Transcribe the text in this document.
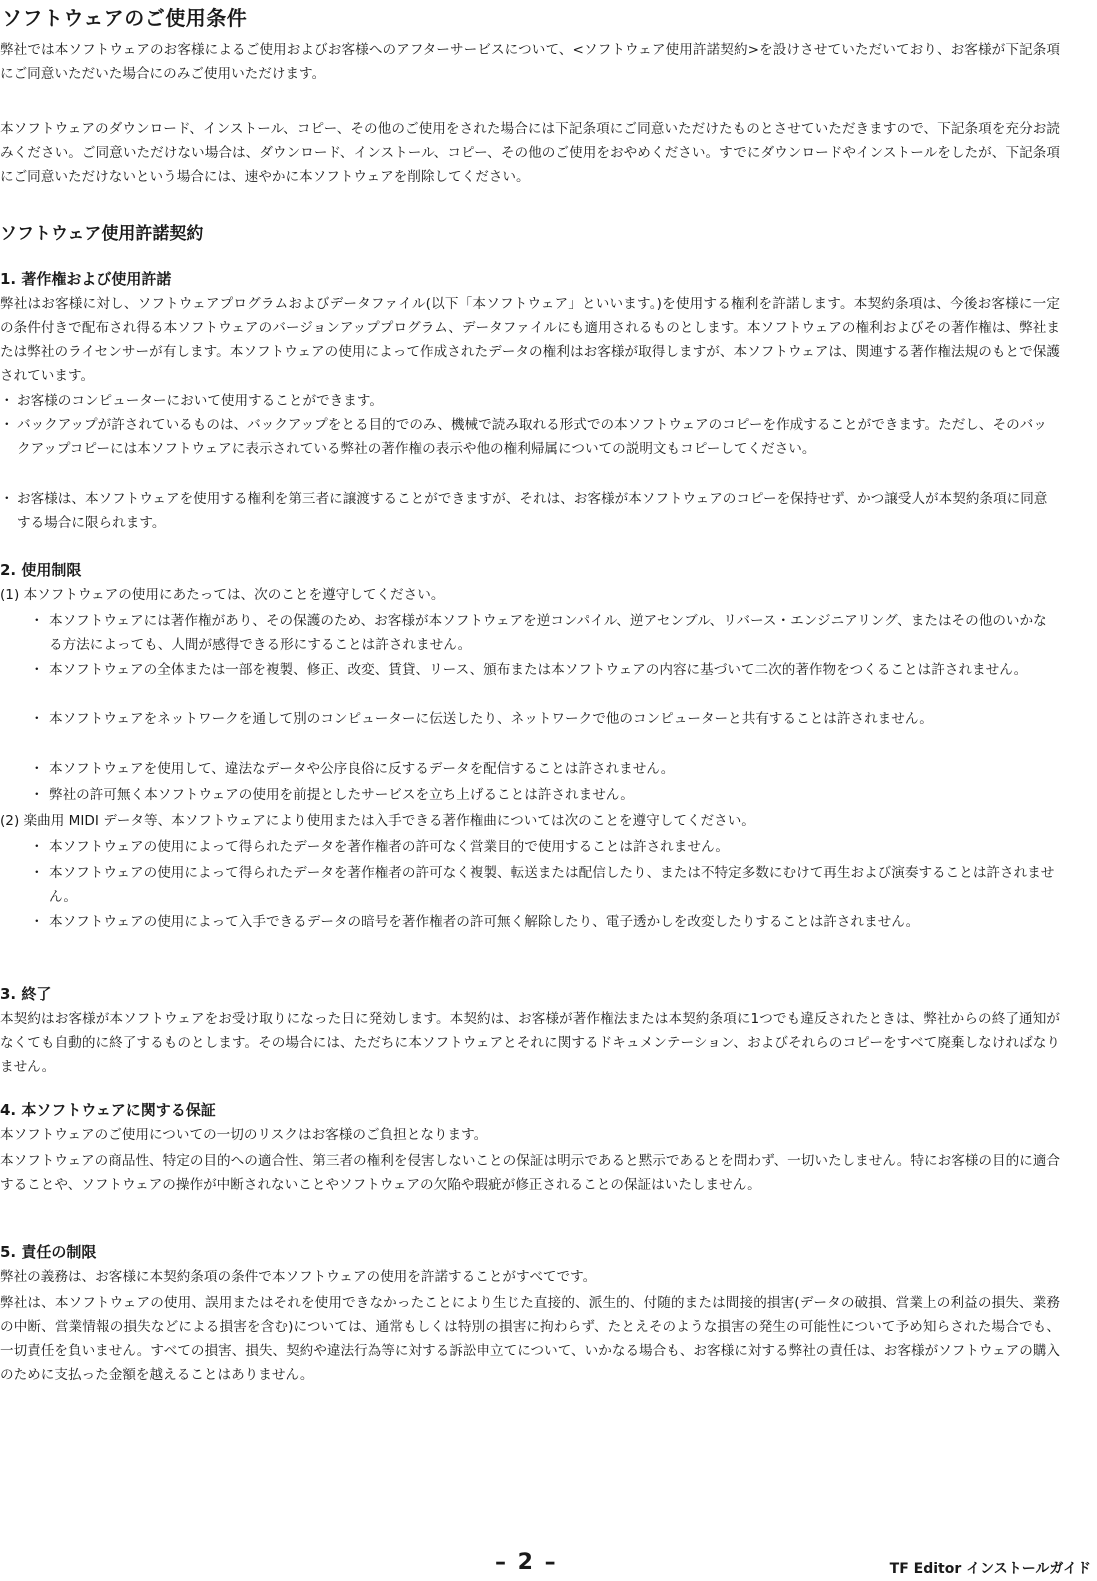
ソフトウェアのご使用条件

弊社では本ソフトウェアのお客様によるご使用およびお客様へのアフターサービスについて、<ソフトウェア使用許諾契約>を設けさせていただいており、お客様が下記条項にご同意いただいた場合にのみご使用いただけます。

本ソフトウェアのダウンロード、インストール、コピー、その他のご使用をされた場合には下記条項にご同意いただけたものとさせていただきますので、下記条項を充分お読みください。ご同意いただけない場合は、ダウンロード、インストール、コピー、その他のご使用をおやめください。すでにダウンロードやインストールをしたが、下記条項にご同意いただけないという場合には、速やかに本ソフトウェアを削除してください。

ソフトウェア使用許諾契約
1. 著作権および使用許諾

弊社はお客様に対し、ソフトウェアプログラムおよびデータファイル(以下「本ソフトウェア」といいます。)を使用する権利を許諾します。本契約条項は、今後お客様に一定の条件付きで配布され得る本ソフトウェアのバージョンアッププログラム、データファイルにも適用されるものとします。本ソフトウェアの権利およびその著作権は、弊社または弊社のライセンサーが有します。本ソフトウェアの使用によって作成されたデータの権利はお客様が取得しますが、本ソフトウェアは、関連する著作権法規のもとで保護されています。

・ お客様のコンピューターにおいて使用することができます。

・ バックアップが許されているものは、バックアップをとる目的でのみ、機械で読み取れる形式での本ソフトウェアのコピーを作成することができます。ただし、そのバックアップコピーには本ソフトウェアに表示されている弊社の著作権の表示や他の権利帰属についての説明文もコピーしてください。

・ お客様は、本ソフトウェアを使用する権利を第三者に譲渡することができますが、それは、お客様が本ソフトウェアのコピーを保持せず、かつ譲受人が本契約条項に同意する場合に限られます。

2. 使用制限

(1) 本ソフトウェアの使用にあたっては、次のことを遵守してください。

・ 本ソフトウェアには著作権があり、その保護のため、お客様が本ソフトウェアを逆コンパイル、逆アセンブル、リバース・エンジニアリング、またはその他のいかなる方法によっても、人間が感得できる形にすることは許されません。

・ 本ソフトウェアの全体または一部を複製、修正、改変、賃貸、リース、頒布または本ソフトウェアの内容に基づいて二次的著作物をつくることは許されません。

・ 本ソフトウェアをネットワークを通して別のコンピューターに伝送したり、ネットワークで他のコンピューターと共有することは許されません。

・ 本ソフトウェアを使用して、違法なデータや公序良俗に反するデータを配信することは許されません。

・ 弊社の許可無く本ソフトウェアの使用を前提としたサービスを立ち上げることは許されません。

(2) 楽曲用 MIDI データ等、本ソフトウェアにより使用または入手できる著作権曲については次のことを遵守してください。

・ 本ソフトウェアの使用によって得られたデータを著作権者の許可なく営業目的で使用することは許されません。

・ 本ソフトウェアの使用によって得られたデータを著作権者の許可なく複製、転送または配信したり、または不特定多数にむけて再生および演奏することは許されません。

・ 本ソフトウェアの使用によって入手できるデータの暗号を著作権者の許可無く解除したり、電子透かしを改変したりすることは許されません。

3. 終了

本契約はお客様が本ソフトウェアをお受け取りになった日に発効します。本契約は、お客様が著作権法または本契約条項に1つでも違反されたときは、弊社からの終了通知がなくても自動的に終了するものとします。その場合には、ただちに本ソフトウェアとそれに関するドキュメンテーション、およびそれらのコピーをすべて廃棄しなければなりません。

4. 本ソフトウェアに関する保証

本ソフトウェアのご使用についての一切のリスクはお客様のご負担となります。

本ソフトウェアの商品性、特定の目的への適合性、第三者の権利を侵害しないことの保証は明示であると黙示であるとを問わず、一切いたしません。特にお客様の目的に適合することや、ソフトウェアの操作が中断されないことやソフトウェアの欠陥や瑕疵が修正されることの保証はいたしません。

5. 責任の制限

弊社の義務は、お客様に本契約条項の条件で本ソフトウェアの使用を許諾することがすべてです。

弊社は、本ソフトウェアの使用、誤用またはそれを使用できなかったことにより生じた直接的、派生的、付随的または間接的損害(データの破損、営業上の利益の損失、業務の中断、営業情報の損失などによる損害を含む)については、通常もしくは特別の損害に拘わらず、たとえそのような損害の発生の可能性について予め知らされた場合でも、一切責任を負いません。すべての損害、損失、契約や違法行為等に対する訴訟申立てについて、いかなる場合も、お客様に対する弊社の責任は、お客様がソフトウェアの購入のために支払った金額を越えることはありません。

– 2 –	TF Editor インストールガイド
